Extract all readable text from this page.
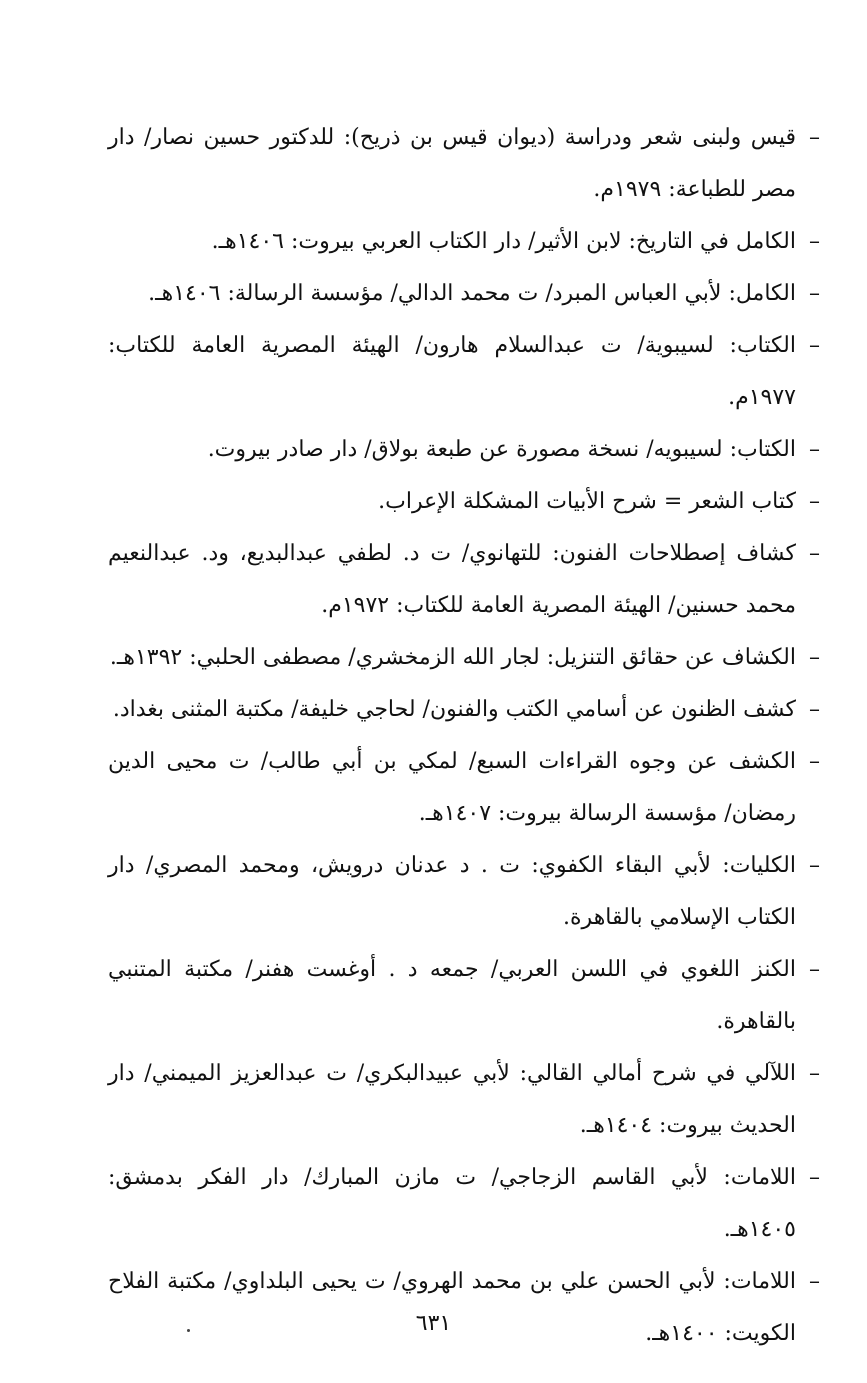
–
قيس ولبنى شعر ودراسة (ديوان قيس بن ذريح): للدكتور حسين نصار/ دار مصر للطباعة: ١٩٧٩م.

–
الكامل في التاريخ: لابن الأثير/ دار الكتاب العربي بيروت: ١٤٠٦هـ.

–
الكامل: لأبي العباس المبرد/ ت محمد الدالي/ مؤسسة الرسالة: ١٤٠٦هـ.

–
الكتاب: لسيبوية/ ت عبدالسلام هارون/ الهيئة المصرية العامة للكتاب: ١٩٧٧م.

–
الكتاب: لسيبويه/ نسخة مصورة عن طبعة بولاق/ دار صادر بيروت.

–
كتاب الشعر = شرح الأبيات المشكلة الإعراب.

–
كشاف إصطلاحات الفنون: للتهانوي/ ت د. لطفي عبدالبديع، ود. عبدالنعيم محمد حسنين/ الهيئة المصرية العامة للكتاب: ١٩٧٢م.

–
الكشاف عن حقائق التنزيل: لجار الله الزمخشري/ مصطفى الحلبي: ١٣٩٢هـ.

–
كشف الظنون عن أسامي الكتب والفنون/ لحاجي خليفة/ مكتبة المثنى بغداد.

–
الكشف عن وجوه القراءات السبع/ لمكي بن أبي طالب/ ت محيى الدين رمضان/ مؤسسة الرسالة بيروت: ١٤٠٧هـ.

–
الكليات: لأبي البقاء الكفوي: ت . د عدنان درويش، ومحمد المصري/ دار الكتاب الإسلامي بالقاهرة.

–
الكنز اللغوي في اللسن العربي/ جمعه د . أوغست هفنر/ مكتبة المتنبي بالقاهرة.

–
اللآلي في شرح أمالي القالي: لأبي عبيدالبكري/ ت عبدالعزيز الميمني/ دار الحديث بيروت: ١٤٠٤هـ.

–
اللامات: لأبي القاسم الزجاجي/ ت مازن المبارك/ دار الفكر بدمشق: ١٤٠٥هـ.

–
اللامات: لأبي الحسن علي بن محمد الهروي/ ت يحيى البلداوي/ مكتبة الفلاح الكويت: ١٤٠٠هـ.

٦٣١
